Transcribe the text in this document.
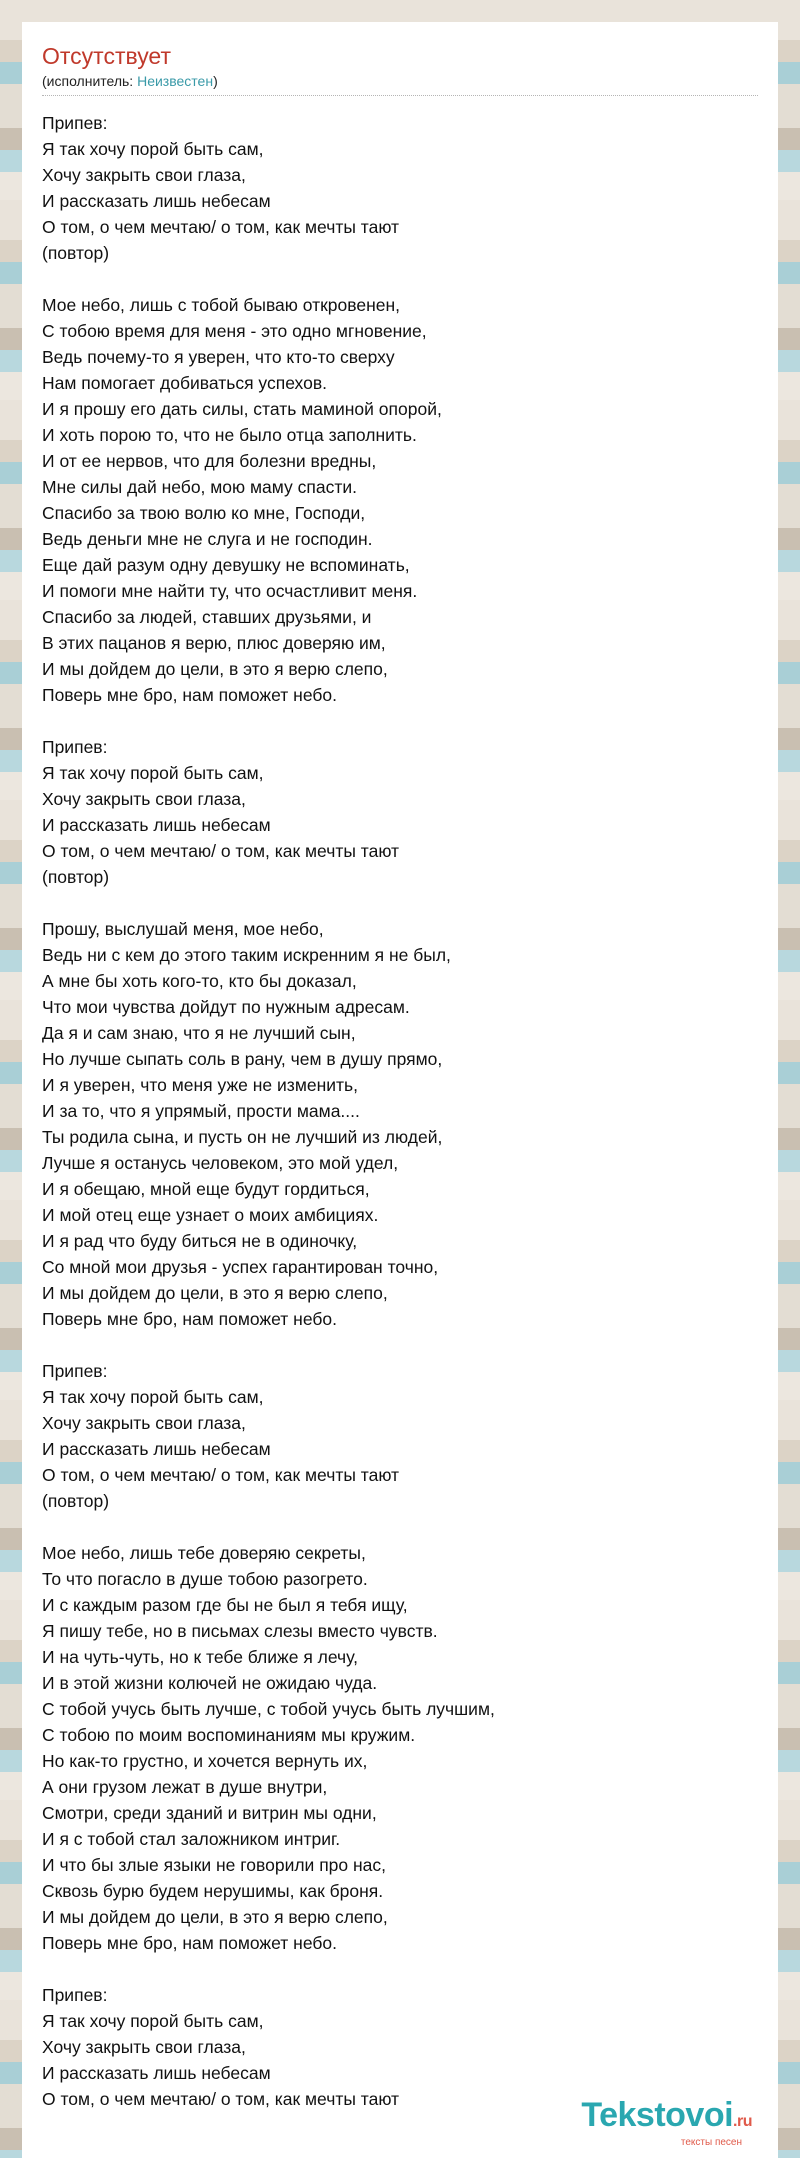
Отсутствует
(исполнитель: Неизвестен)
Припев:
Я так хочу порой быть сам,
Хочу закрыть свои глаза,
И рассказать лишь небесам
О том, о чем мечтаю/ о том, как мечты тают
(повтор)
Мое небо, лишь с тобой бываю откровенен,
С тобою время для меня - это одно мгновение,
Ведь почему-то я уверен, что кто-то сверху
Нам помогает добиваться успехов.
И я прошу его дать силы, стать маминой опорой,
И хоть порою то, что не было отца заполнить.
И от ее нервов, что для болезни вредны,
Мне силы дай небо, мою маму спасти.
Спасибо за твою волю ко мне, Господи,
Ведь деньги мне не слуга и не господин.
Еще дай разум одну девушку не вспоминать,
И помоги мне найти ту, что осчастливит меня.
Спасибо за людей, ставших друзьями, и
В этих пацанов я верю, плюс доверяю им,
И мы дойдем до цели, в это я верю слепо,
Поверь мне бро, нам поможет небо.
Припев:
Я так хочу порой быть сам,
Хочу закрыть свои глаза,
И рассказать лишь небесам
О том, о чем мечтаю/ о том, как мечты тают
(повтор)
Прошу, выслушай меня, мое небо,
Ведь ни с кем до этого таким искренним я не был,
А мне бы хоть кого-то, кто бы доказал,
Что мои чувства дойдут по нужным адресам.
Да я и сам знаю, что я не лучший сын,
Но лучше сыпать соль в рану, чем в душу прямо,
И я уверен, что меня уже не изменить,
И за то, что я упрямый, прости мама....
Ты родила сына, и пусть он не лучший из людей,
Лучше я останусь человеком, это мой удел,
И я обещаю, мной еще будут гордиться,
И мой отец еще узнает о моих амбициях.
И я рад что буду биться не в одиночку,
Со мной мои друзья - успех гарантирован точно,
И мы дойдем до цели, в это я верю слепо,
Поверь мне бро, нам поможет небо.
Припев:
Я так хочу порой быть сам,
Хочу закрыть свои глаза,
И рассказать лишь небесам
О том, о чем мечтаю/ о том, как мечты тают
(повтор)
Мое небо, лишь тебе доверяю секреты,
То что погасло в душе тобою разогрето.
И с каждым разом где бы не был я тебя ищу,
Я пишу тебе, но в письмах слезы вместо чувств.
И на чуть-чуть, но к тебе ближе я лечу,
И в этой жизни колючей не ожидаю чуда.
С тобой учусь быть лучше, с тобой учусь быть лучшим,
С тобою по моим воспоминаниям мы кружим.
Но как-то грустно, и хочется вернуть их,
А они грузом лежат в душе внутри,
Смотри, среди зданий и витрин мы одни,
И я с тобой стал заложником интриг.
И что бы злые языки не говорили про нас,
Сквозь бурю будем нерушимы, как броня.
И мы дойдем до цели, в это я верю слепо,
Поверь мне бро, нам поможет небо.
Припев:
Я так хочу порой быть сам,
Хочу закрыть свои глаза,
И рассказать лишь небесам
О том, о чем мечтаю/ о том, как мечты тают	Tekstovoi.ru
тексты песен
